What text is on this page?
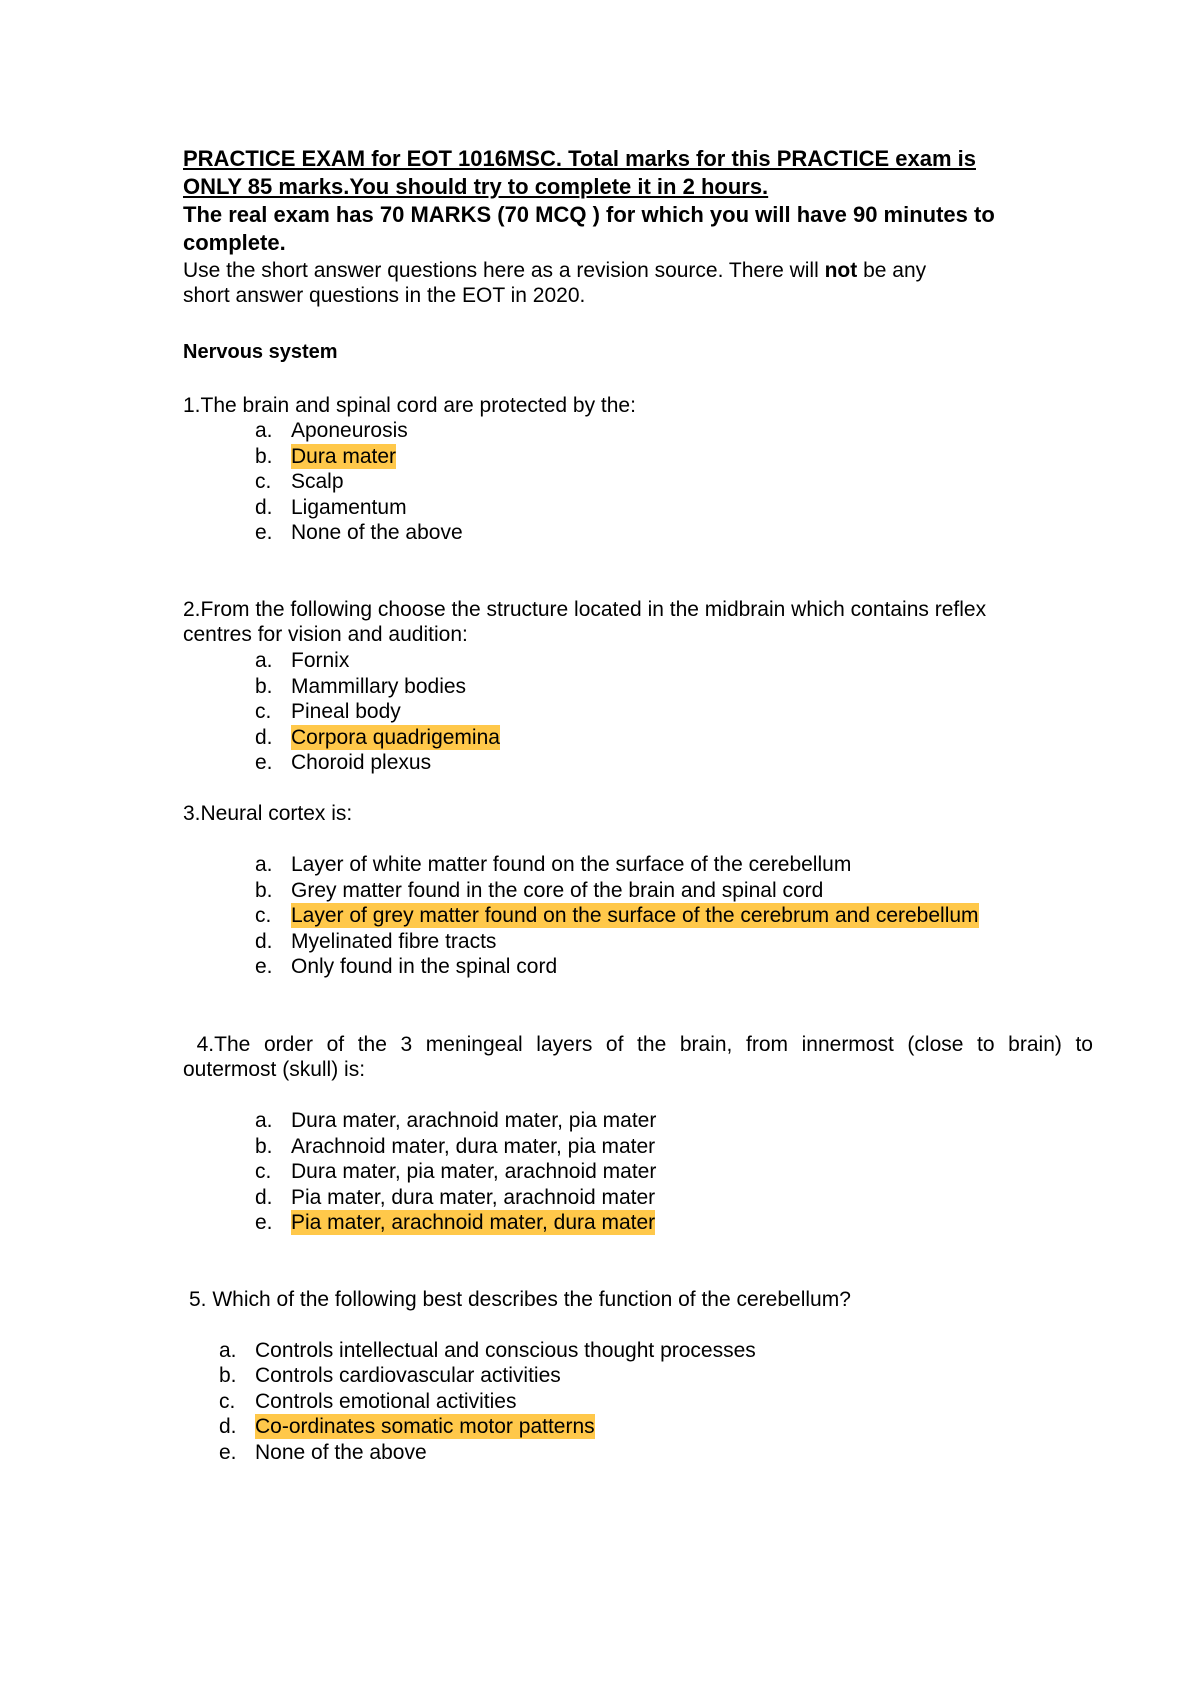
PRACTICE EXAM for EOT 1016MSC. Total marks for this PRACTICE exam is
ONLY 85 marks.You should try to complete it in 2 hours.
The real exam has 70 MARKS (70 MCQ ) for which you will have 90 minutes to
complete.
Use the short answer questions here as a revision source. There will not be any
short answer questions in the EOT in 2020.
Nervous system
1.The brain and spinal cord are protected by the:
a. Aponeurosis
b. Dura mater
c. Scalp
d. Ligamentum
e. None of the above
2.From the following choose the structure located in the midbrain which contains reflex
centres for vision and audition:
a. Fornix
b. Mammillary bodies
c. Pineal body
d. Corpora quadrigemina
e. Choroid plexus
3.Neural cortex is:
a. Layer of white matter found on the surface of the cerebellum
b. Grey matter found in the core of the brain and spinal cord
c. Layer of grey matter found on the surface of the cerebrum and cerebellum
d. Myelinated fibre tracts
e. Only found in the spinal cord
4.The order of the 3 meningeal layers of the brain, from innermost (close to brain) to
outermost (skull) is:
a. Dura mater, arachnoid mater, pia mater
b. Arachnoid mater, dura mater, pia mater
c. Dura mater, pia mater, arachnoid mater
d. Pia mater, dura mater, arachnoid mater
e. Pia mater, arachnoid mater, dura mater
5. Which of the following best describes the function of the cerebellum?
a. Controls intellectual and conscious thought processes
b. Controls cardiovascular activities
c. Controls emotional activities
d. Co-ordinates somatic motor patterns
e. None of the above
